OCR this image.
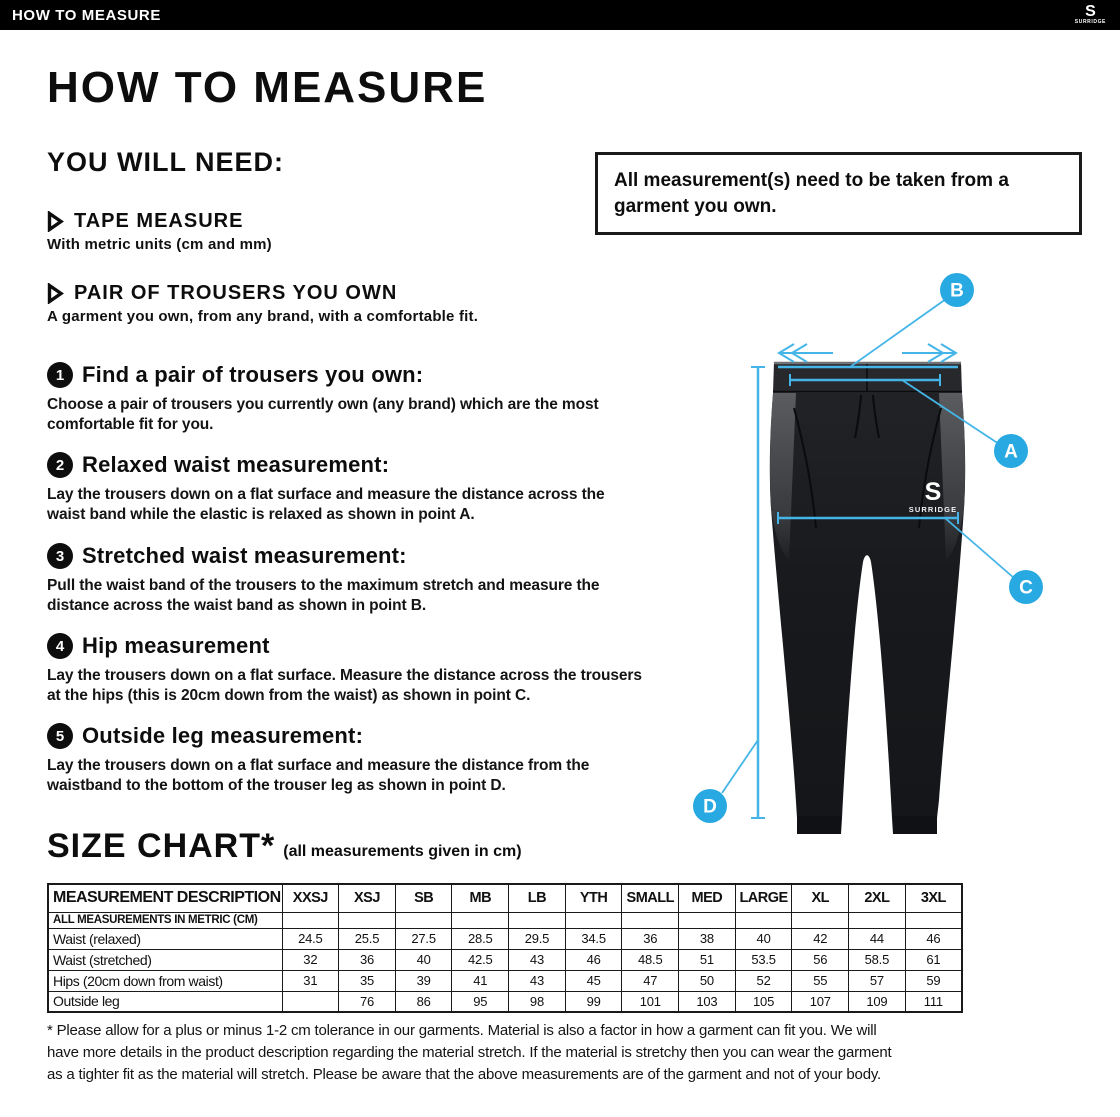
HOW TO MEASURE	S
SURRIDGE
HOW TO MEASURE
YOU WILL NEED:

All measurement(s) need to be taken from a garment you own.

TAPE MEASURE
With metric units (cm and mm)
PAIR OF TROUSERS YOU OWN
A garment you own, from any brand, with a comfortable fit.
1 Find a pair of trousers you own:
Choose a pair of trousers you currently own (any brand) which are the most comfortable fit for you.
2 Relaxed waist measurement:
Lay the trousers down on a flat surface and measure the distance across the waist band while the elastic is relaxed as shown in point A.
3 Stretched waist measurement:
Pull the waist band of the trousers to the maximum stretch and measure the distance across the waist band as shown in point B.
4 Hip measurement
Lay the trousers down on a flat surface. Measure the distance across the trousers at the hips (this is 20cm down from the waist) as shown in point C.
5 Outside leg measurement:
Lay the trousers down on a flat surface and measure the distance from the waistband to the bottom of the trouser leg as shown in point D.
S
SURRIDGE
B
A
C
D
SIZE CHART* (all measurements given in cm)
MEASUREMENT DESCRIPTION	XXSJ	XSJ	SB	MB	LB	YTH	SMALL	MED	LARGE	XL	2XL	3XL
ALL MEASUREMENTS IN METRIC (CM)												
Waist (relaxed)	24.5	25.5	27.5	28.5	29.5	34.5	36	38	40	42	44	46
Waist (stretched)	32	36	40	42.5	43	46	48.5	51	53.5	56	58.5	61
Hips (20cm down from waist)	31	35	39	41	43	45	47	50	52	55	57	59
Outside leg		76	86	95	98	99	101	103	105	107	109	111
* Please allow for a plus or minus 1-2 cm tolerance in our garments. Material is also a factor in how a garment can fit you. We will have more details in the product description regarding the material stretch. If the material is stretchy then you can wear the garment as a tighter fit as the material will stretch. Please be aware that the above measurements are of the garment and not of your body.
